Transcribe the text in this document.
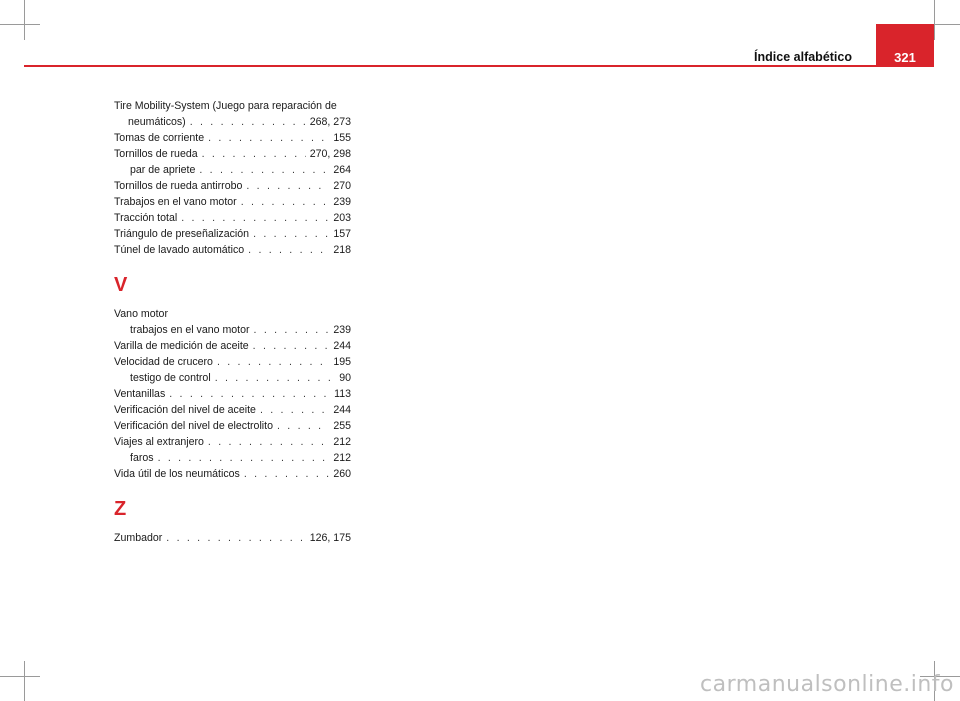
Índice alfabético	321
Tire Mobility-System (Juego para reparación de
neumáticos) . . .	268, 273
Tomas de corriente . . .	155
Tornillos de rueda . . .	270, 298
par de apriete . . .	264
Tornillos de rueda antirrobo . . .	270
Trabajos en el vano motor . . .	239
Tracción total . . .	203
Triángulo de preseñalización . . .	157
Túnel de lavado automático . . .	218
V
Vano motor
trabajos en el vano motor . . .	239
Varilla de medición de aceite . . .	244
Velocidad de crucero . . .	195
testigo de control . . .	90
Ventanillas . . .	113
Verificación del nivel de aceite . . .	244
Verificación del nivel de electrolito . . .	255
Viajes al extranjero . . .	212
faros . . .	212
Vida útil de los neumáticos . . .	260
Z
Zumbador . . .	126, 175
carmanualsonline.info
